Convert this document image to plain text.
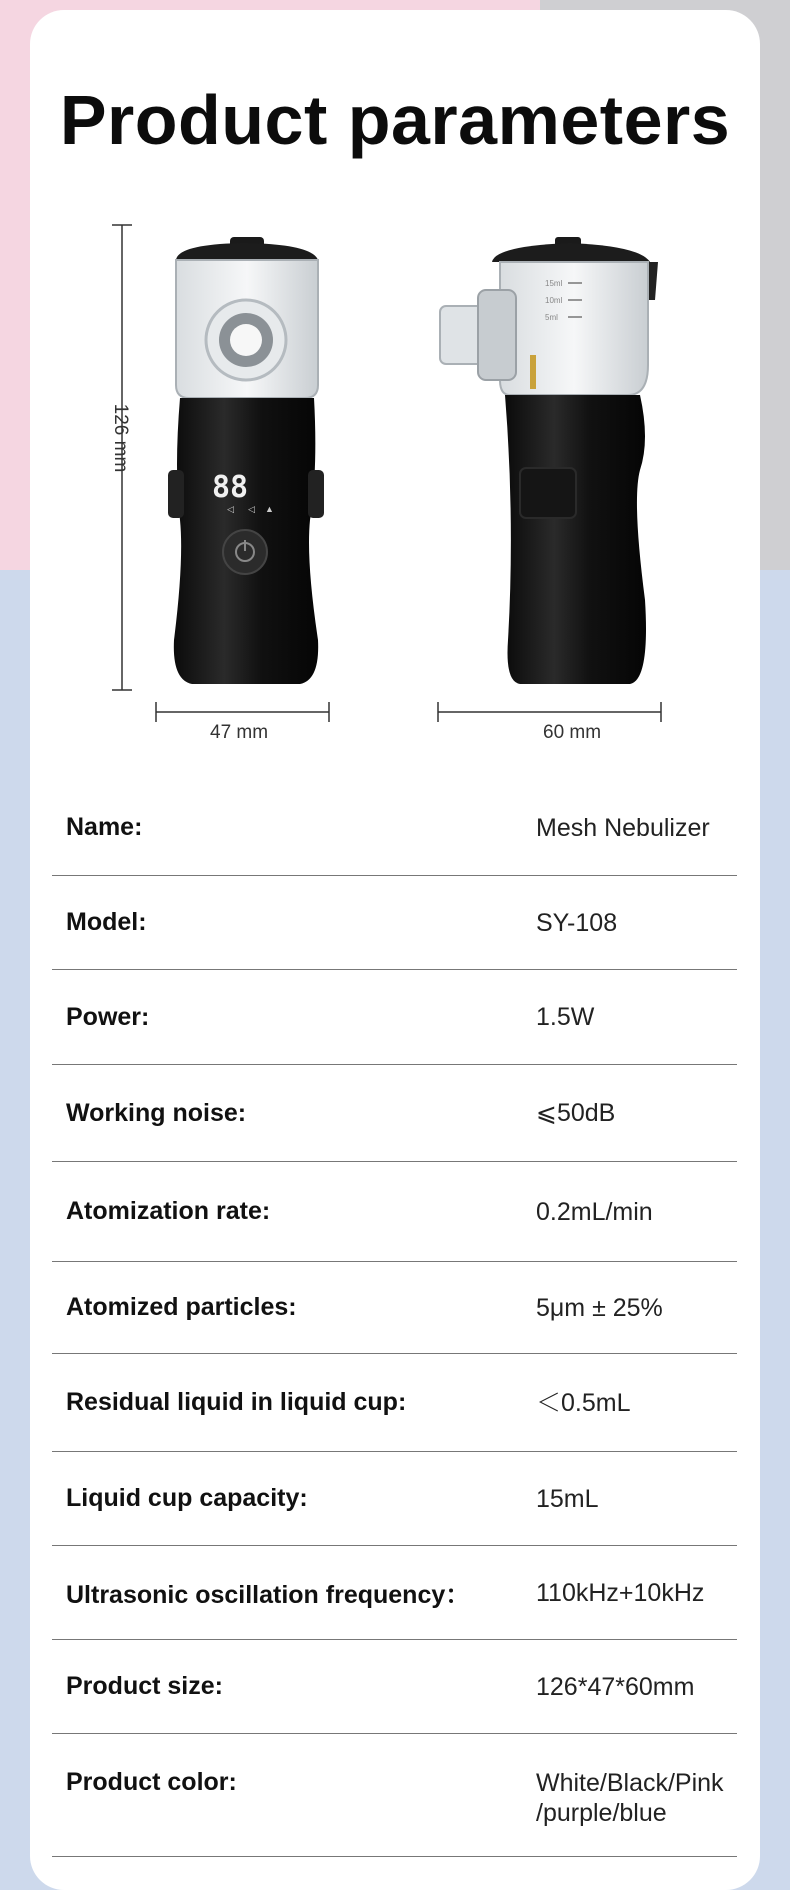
Product parameters
88
◁ ◁ ▲
15ml
10ml
5ml
126 mm
47 mm	60 mm
Name:	Mesh Nebulizer
Model:	SY-108
Power:	1.5W
Working noise:	⩽50dB
Atomization rate:	0.2mL/min
Atomized particles:	5μm ± 25%
Residual liquid in liquid cup:	＜0.5mL
Liquid cup capacity:	15mL
Ultrasonic oscillation frequency：	110kHz+10kHz
Product size:	126*47*60mm
Product color:	White/Black/Pink
/purple/blue
